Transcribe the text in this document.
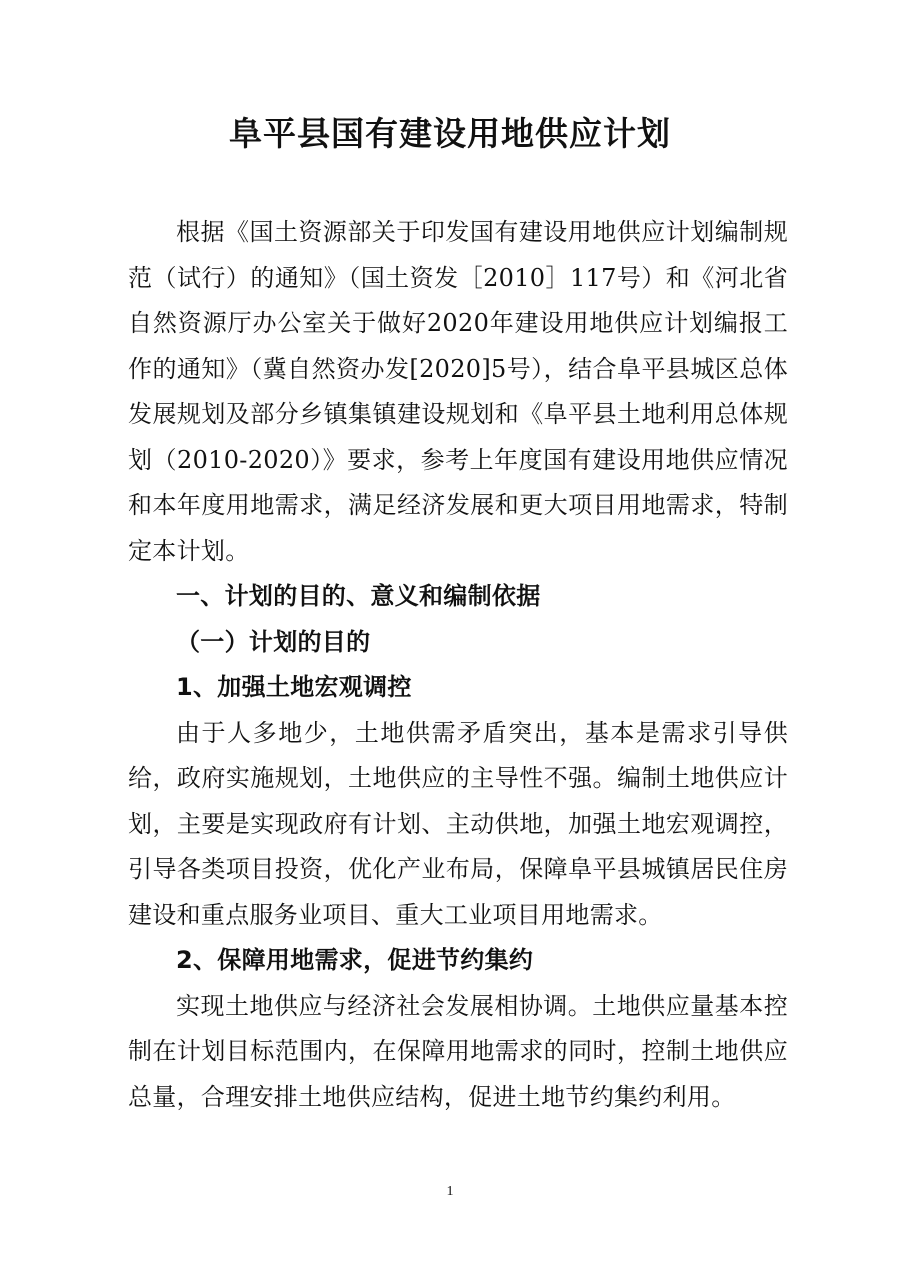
阜平县国有建设用地供应计划

根据《国土资源部关于印发国有建设用地供应计划编制规范（试行）的通知》（国土资发［2010］117号）和《河北省自然资源厅办公室关于做好2020年建设用地供应计划编报工作的通知》（冀自然资办发[2020]5号），结合阜平县城区总体发展规划及部分乡镇集镇建设规划和《阜平县土地利用总体规划（2010-2020）》要求，参考上年度国有建设用地供应情况和本年度用地需求，满足经济发展和更大项目用地需求，特制定本计划。

一、计划的目的、意义和编制依据

（一）计划的目的

1、加强土地宏观调控

由于人多地少，土地供需矛盾突出，基本是需求引导供给，政府实施规划，土地供应的主导性不强。编制土地供应计划，主要是实现政府有计划、主动供地，加强土地宏观调控，引导各类项目投资，优化产业布局，保障阜平县城镇居民住房建设和重点服务业项目、重大工业项目用地需求。

2、保障用地需求，促进节约集约

实现土地供应与经济社会发展相协调。土地供应量基本控制在计划目标范围内，在保障用地需求的同时，控制土地供应总量，合理安排土地供应结构，促进土地节约集约利用。

1
